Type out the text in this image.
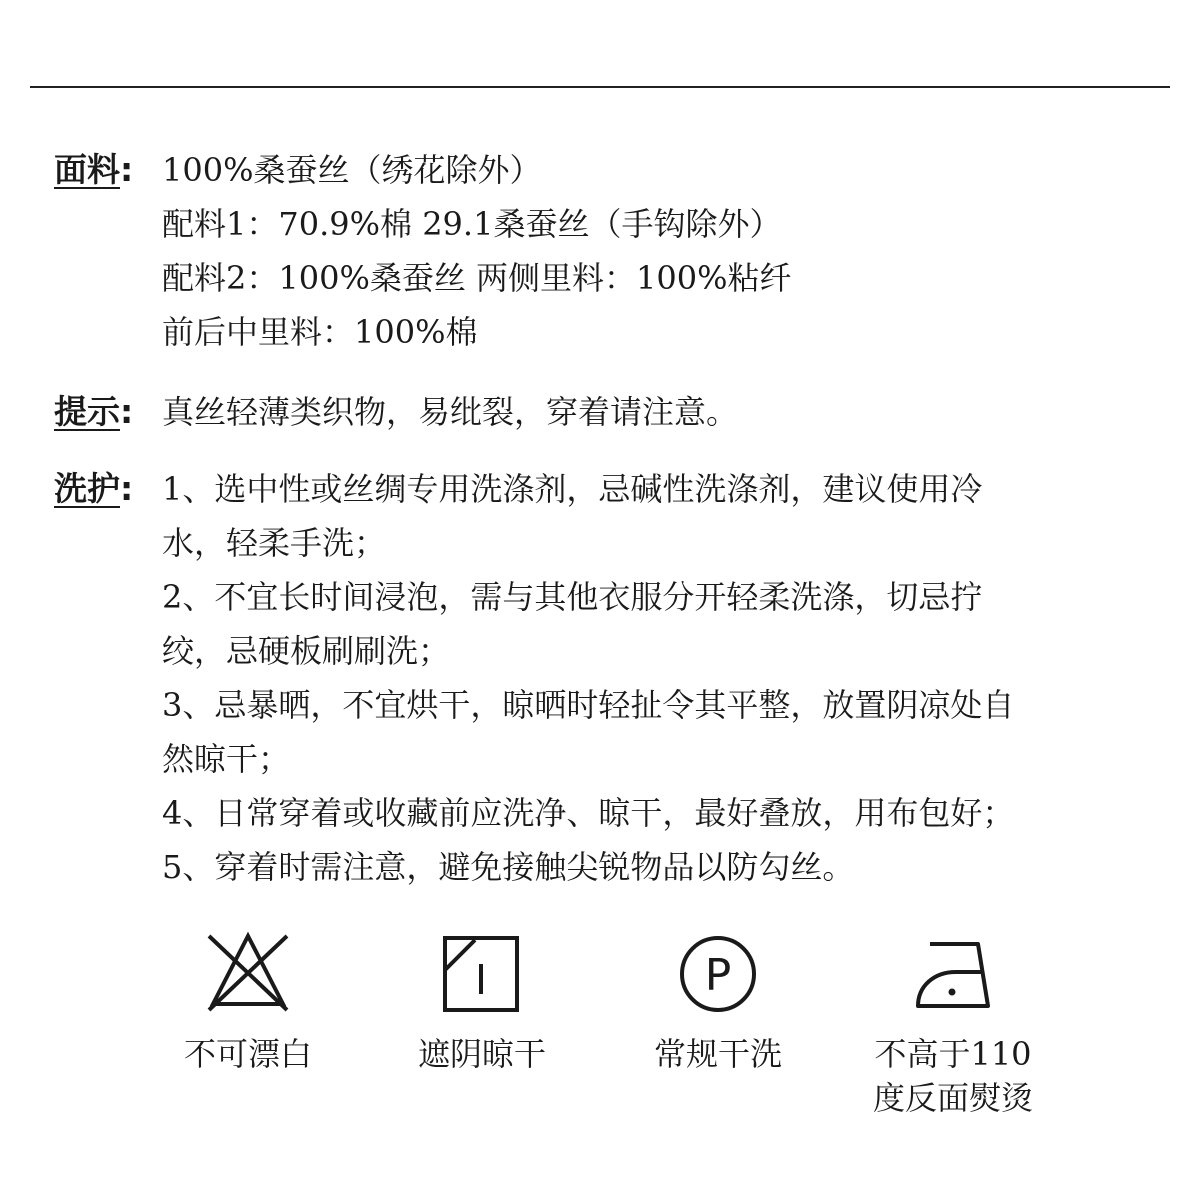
面料: 100%桑蚕丝（绣花除外）
配料1：70.9%棉 29.1桑蚕丝（手钩除外）
配料2：100%桑蚕丝 两侧里料：100%粘纤
前后中里料：100%棉
提示: 真丝轻薄类织物，易纰裂，穿着请注意。
洗护: 1、选中性或丝绸专用洗涤剂，忌碱性洗涤剂，建议使用冷
水，轻柔手洗；
2、不宜长时间浸泡，需与其他衣服分开轻柔洗涤，切忌拧
绞，忌硬板刷刷洗；
3、忌暴晒，不宜烘干，晾晒时轻扯令其平整，放置阴凉处自
然晾干；
4、日常穿着或收藏前应洗净、晾干，最好叠放，用布包好；
5、穿着时需注意，避免接触尖锐物品以防勾丝。
不可漂白	遮阴晾干
P
常规干洗	不高于110
度反面熨烫
